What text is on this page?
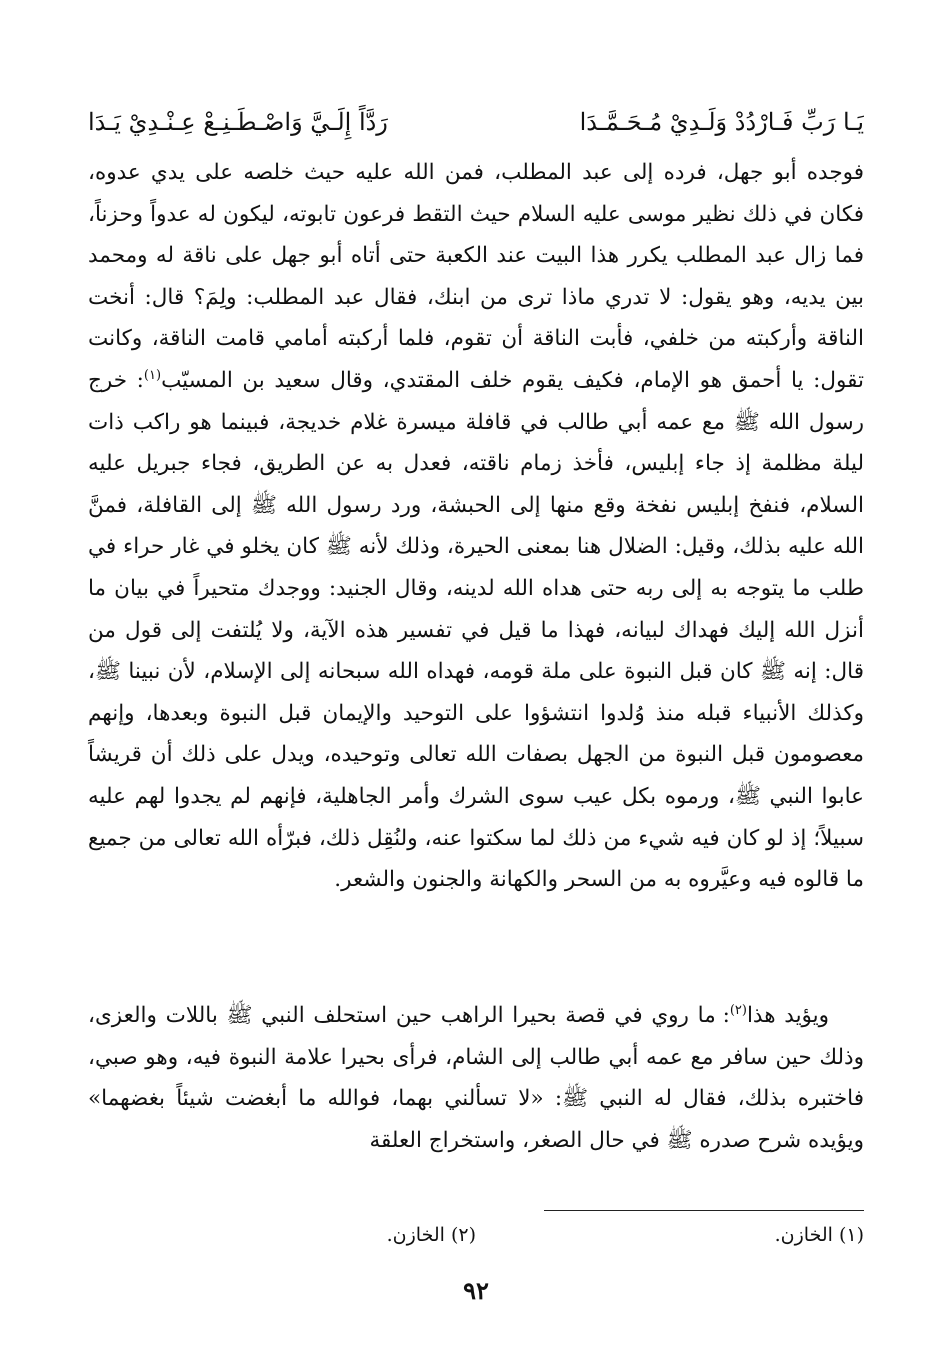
يَـا رَبِّ فَـارْدُدْ وَلَـدِيْ مُـحَـمَّـدَا
رَدَّاً إِلَـيَّ وَاصْـطَـنِـعْ عِـنْـدِيْ يَـدَا

فوجده أبو جهل، فرده إلى عبد المطلب، فمن الله عليه حيث خلصه على يدي عدوه، فكان في ذلك نظير موسى عليه السلام حيث التقط فرعون تابوته، ليكون له عدواً وحزناً، فما زال عبد المطلب يكرر هذا البيت عند الكعبة حتى أتاه أبو جهل على ناقة له ومحمد بين يديه، وهو يقول: لا تدري ماذا ترى من ابنك، فقال عبد المطلب: ولِمَ؟ قال: أنخت الناقة وأركبته من خلفي، فأبت الناقة أن تقوم، فلما أركبته أمامي قامت الناقة، وكانت تقول: يا أحمق هو الإمام، فكيف يقوم خلف المقتدي، وقال سعيد بن المسيّب$^{(١)}$: خرج رسول الله ﷺ مع عمه أبي طالب في قافلة ميسرة غلام خديجة، فبينما هو راكب ذات ليلة مظلمة إذ جاء إبليس، فأخذ زمام ناقته، فعدل به عن الطريق، فجاء جبريل عليه السلام، فنفخ إبليس نفخة وقع منها إلى الحبشة، ورد رسول الله ﷺ إلى القافلة، فمنَّ الله عليه بذلك، وقيل: الضلال هنا بمعنى الحيرة، وذلك لأنه ﷺ كان يخلو في غار حراء في طلب ما يتوجه به إلى ربه حتى هداه الله لدينه، وقال الجنيد: ووجدك متحيراً في بيان ما أنزل الله إليك فهداك لبيانه، فهذا ما قيل في تفسير هذه الآية، ولا يُلتفت إلى قول من قال: إنه ﷺ كان قبل النبوة على ملة قومه، فهداه الله سبحانه إلى الإسلام، لأن نبينا ﷺ، وكذلك الأنبياء قبله منذ وُلدوا انتشؤوا على التوحيد والإيمان قبل النبوة وبعدها، وإنهم معصومون قبل النبوة من الجهل بصفات الله تعالى وتوحيده، ويدل على ذلك أن قريشاً عابوا النبي ﷺ، ورموه بكل عيب سوى الشرك وأمر الجاهلية، فإنهم لم يجدوا لهم عليه سبيلاً؛ إذ لو كان فيه شيء من ذلك لما سكتوا عنه، ولنُقِل ذلك، فبرّأه الله تعالى من جميع ما قالوه فيه وعيَّروه به من السحر والكهانة والجنون والشعر.

ويؤيد هذا$^{(٢)}$: ما روي في قصة بحيرا الراهب حين استحلف النبي ﷺ باللات والعزى، وذلك حين سافر مع عمه أبي طالب إلى الشام، فرأى بحيرا علامة النبوة فيه، وهو صبي، فاختبره بذلك، فقال له النبي ﷺ: «لا تسألني بهما، فوالله ما أبغضت شيئاً بغضهما» ويؤيده شرح صدره ﷺ في حال الصغر، واستخراج العلقة

(١) الخازن.
(٢) الخازن.
٩٢
